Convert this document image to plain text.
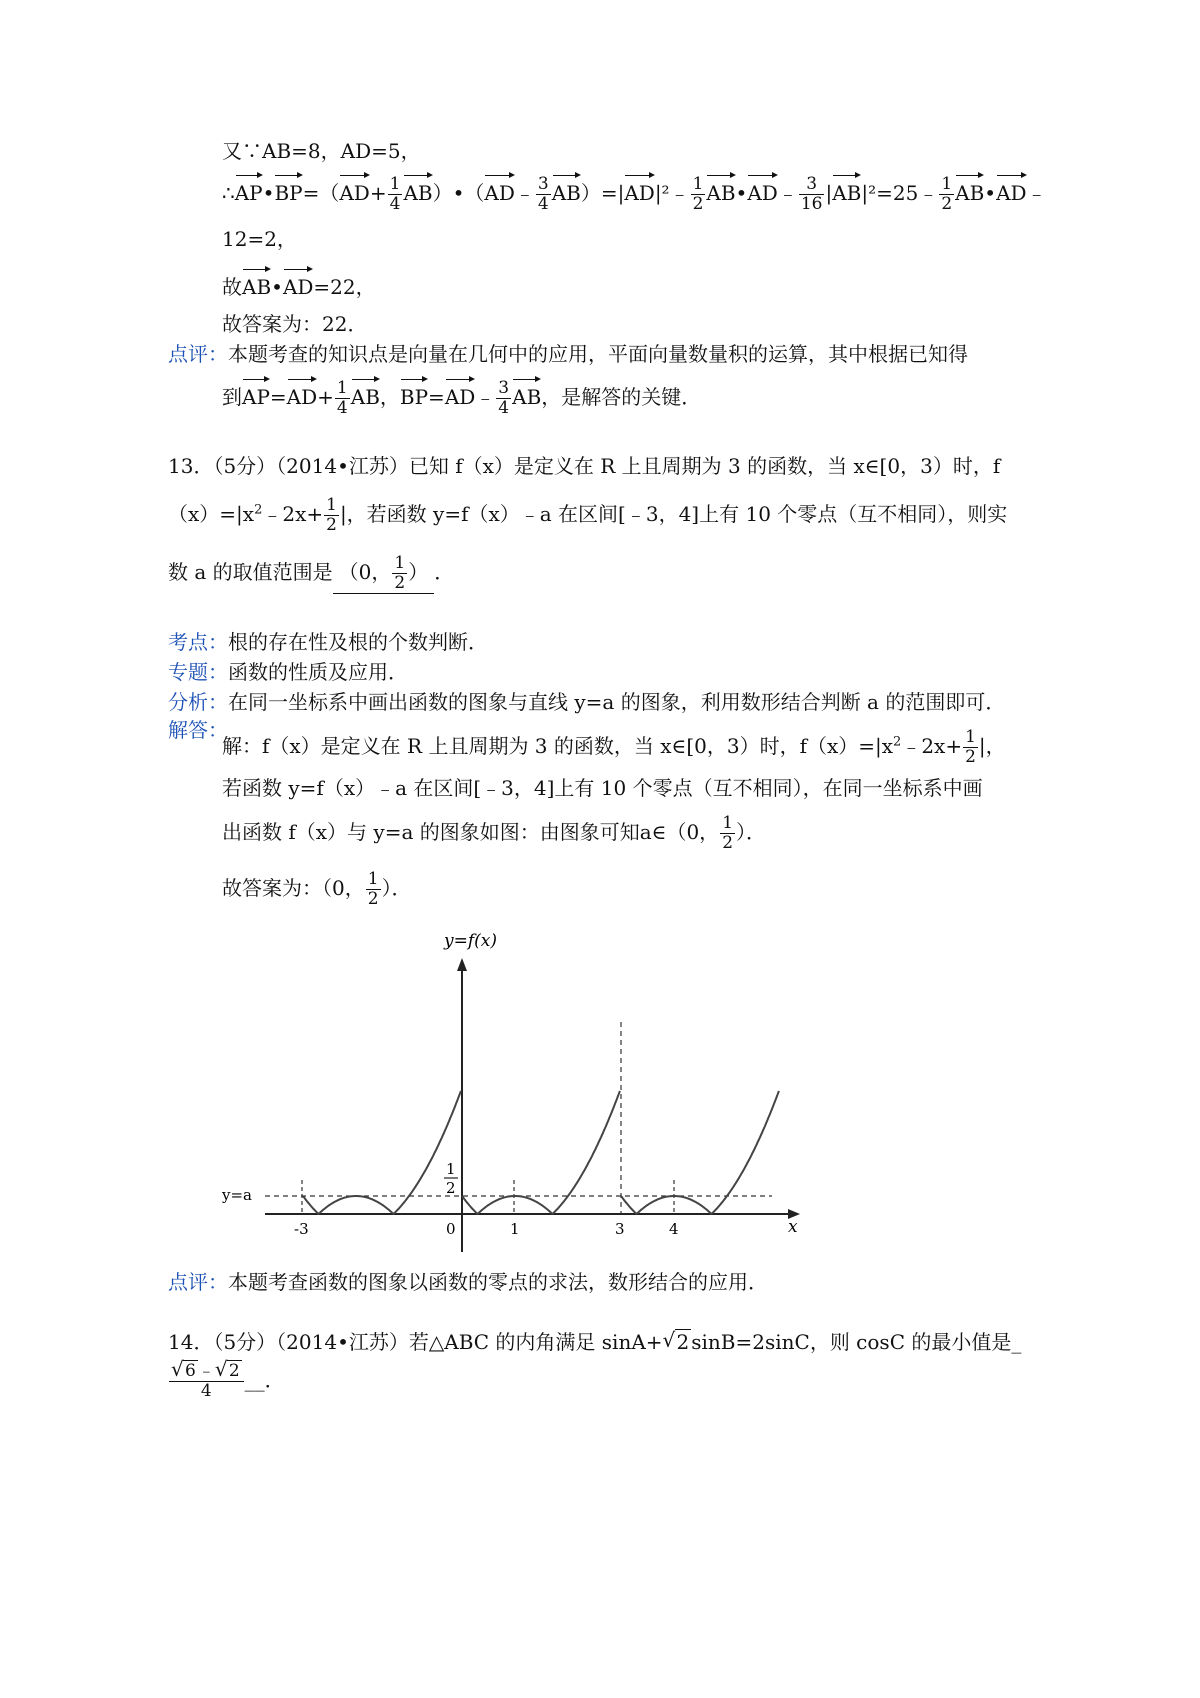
又∵AB=8，AD=5，
∴AP•BP=（AD+ $\frac{1}{4}$ AB）•（AD﹣ $\frac{3}{4}$ AB）=|AD|²﹣ $\frac{1}{2}$ AB•AD﹣ $\frac{3}{16}$ |AB|²=25﹣ $\frac{1}{2}$ AB•AD﹣
12=2，
故AB•AD=22，
故答案为：22．
点评：本题考查的知识点是向量在几何中的应用，平面向量数量积的运算，其中根据已知得
到$AP=AD+ \frac{1}{4}$ AB，BP=AD﹣ $\frac{3}{4}$ AB，是解答的关键．
13．（5分）（2014•江苏）已知 f（x）是定义在 R 上且周期为 3 的函数，当 x∈[0，3）时，f
$(x)=|x^2﹣2x+ \frac{1}{2}$ |，若函数 y=f（x）﹣a 在区间[﹣3，4]上有 10 个零点（互不相同），则实
数 a 的取值范围是 （0， $\frac{1}{2}$ ） ．
考点：根的存在性及根的个数判断．
专题：函数的性质及应用．
分析：在同一坐标系中画出函数的图象与直线 y=a 的图象，利用数形结合判断 a 的范围即可．
解答：
解：f（x）是定义在 R 上且周期为 3 的函数，当 x∈[0，3）时，$f(x)=|x^2﹣2x+ \frac{1}{2}$ |，
若函数 y=f（x）﹣a 在区间[﹣3，4]上有 10 个零点（互不相同），在同一坐标系中画
出函数 f（x）与 y=a 的图象如图：由图象可知a∈（0， $\frac{1}{2}$ ）．
故答案为：（0， $\frac{1}{2}$ ）．
y=f(x)
x
y=a
1
2
-3	0	1	3	4
点评：本题考查函数的图象以函数的零点的求法，数形结合的应用．
14．（5分）（2014•江苏）若△ABC 的内角满足 sinA+ √ 2 sinB=2sinC，则 cosC 的最小值是_
√ $\frac{6 ﹣ √ 2}{4}$ __．
